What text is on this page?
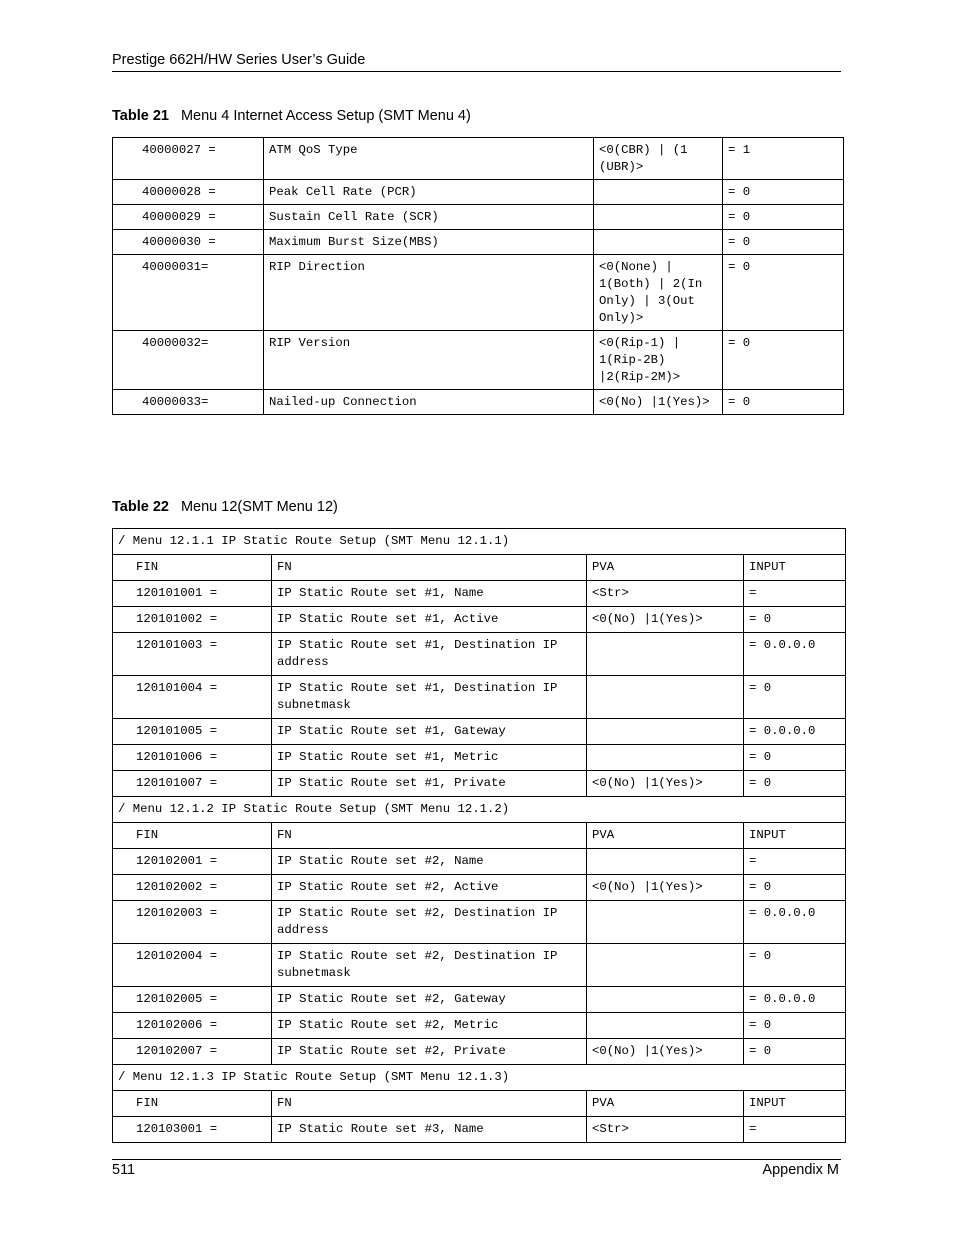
Prestige 662H/HW Series User’s Guide
Table 21 Menu 4 Internet Access Setup (SMT Menu 4)
40000027 =	ATM QoS Type	<0(CBR) | (1 (UBR)>	= 1
40000028 =	Peak Cell Rate (PCR)		= 0
40000029 =	Sustain Cell Rate (SCR)		= 0
40000030 =	Maximum Burst Size(MBS)		= 0
40000031=	RIP Direction	<0(None) | 1(Both) | 2(In Only) | 3(Out Only)>	= 0
40000032=	RIP Version	<0(Rip-1) | 1(Rip-2B) |2(Rip-2M)>	= 0
40000033=	Nailed-up Connection	<0(No) |1(Yes)>	= 0
Table 22 Menu 12(SMT Menu 12)
/ Menu 12.1.1 IP Static Route Setup (SMT Menu 12.1.1)			
FIN	FN	PVA	INPUT
120101001 =	IP Static Route set #1, Name	<Str>	=
120101002 =	IP Static Route set #1, Active	<0(No) |1(Yes)>	= 0
120101003 =	IP Static Route set #1, Destination IP address		= 0.0.0.0
120101004 =	IP Static Route set #1, Destination IP subnetmask		= 0
120101005 =	IP Static Route set #1, Gateway		= 0.0.0.0
120101006 =	IP Static Route set #1, Metric		= 0
120101007 =	IP Static Route set #1, Private	<0(No) |1(Yes)>	= 0
/ Menu 12.1.2 IP Static Route Setup (SMT Menu 12.1.2)			
FIN	FN	PVA	INPUT
120102001 =	IP Static Route set #2, Name		=
120102002 =	IP Static Route set #2, Active	<0(No) |1(Yes)>	= 0
120102003 =	IP Static Route set #2, Destination IP address		= 0.0.0.0
120102004 =	IP Static Route set #2, Destination IP subnetmask		= 0
120102005 =	IP Static Route set #2, Gateway		= 0.0.0.0
120102006 =	IP Static Route set #2, Metric		= 0
120102007 =	IP Static Route set #2, Private	<0(No) |1(Yes)>	= 0
/ Menu 12.1.3 IP Static Route Setup (SMT Menu 12.1.3)			
FIN	FN	PVA	INPUT
120103001 =	IP Static Route set #3, Name	<Str>	=
511	Appendix M
